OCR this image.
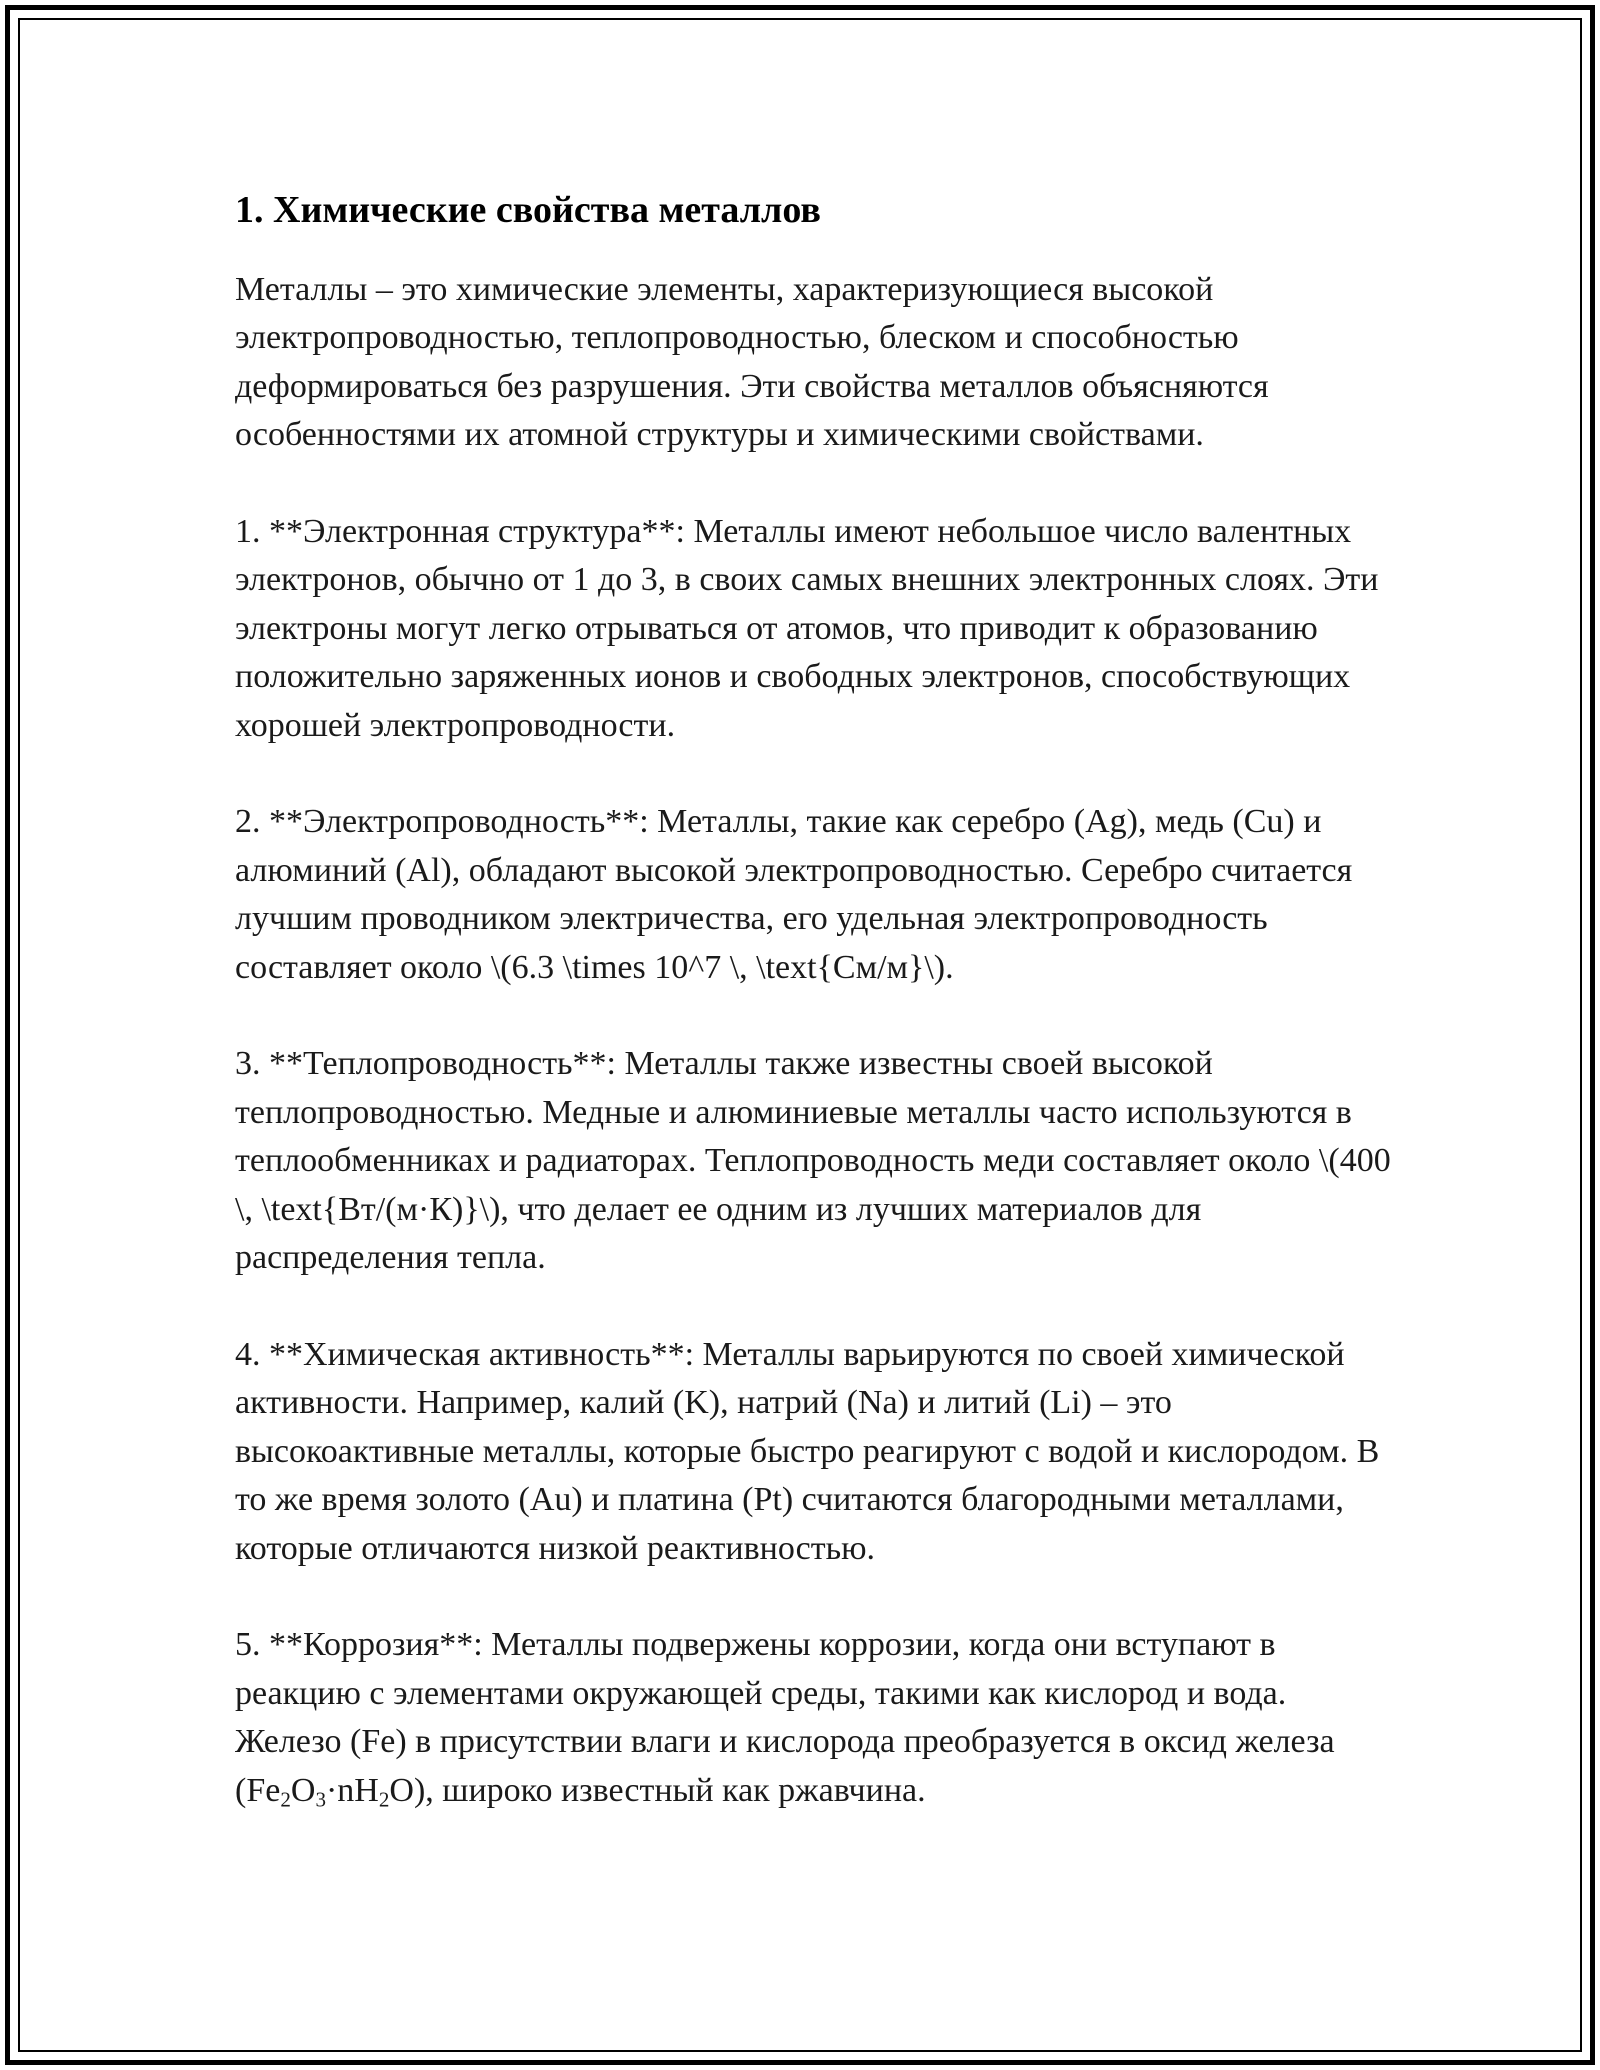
1. Химические свойства металлов

Металлы – это химические элементы, характеризующиеся высокой электропроводностью, теплопроводностью, блеском и способностью деформироваться без разрушения. Эти свойства металлов объясняются особенностями их атомной структуры и химическими свойствами.

1. **Электронная структура**: Металлы имеют небольшое число валентных электронов, обычно от 1 до 3, в своих самых внешних электронных слоях. Эти электроны могут легко отрываться от атомов, что приводит к образованию положительно заряженных ионов и свободных электронов, способствующих хорошей электропроводности.

2. **Электропроводность**: Металлы, такие как серебро (Ag), медь (Cu) и алюминий (Al), обладают высокой электропроводностью. Серебро считается лучшим проводником электричества, его удельная электропроводность составляет около \(6.3 \times 10^7 \, \text{См/м}\).

3. **Теплопроводность**: Металлы также известны своей высокой теплопроводностью. Медные и алюминиевые металлы часто используются в теплообменниках и радиаторах. Теплопроводность меди составляет около \(400 \, \text{Вт/(м·К)}\), что делает ее одним из лучших материалов для распределения тепла.

4. **Химическая активность**: Металлы варьируются по своей химической активности. Например, калий (K), натрий (Na) и литий (Li) – это высокоактивные металлы, которые быстро реагируют с водой и кислородом. В то же время золото (Au) и платина (Pt) считаются благородными металлами, которые отличаются низкой реактивностью.

5. **Коррозия**: Металлы подвержены коррозии, когда они вступают в реакцию с элементами окружающей среды, такими как кислород и вода. Железо (Fe) в присутствии влаги и кислорода преобразуется в оксид железа $(Fe_2O_3\cdot nH_2O)$, широко известный как ржавчина.
